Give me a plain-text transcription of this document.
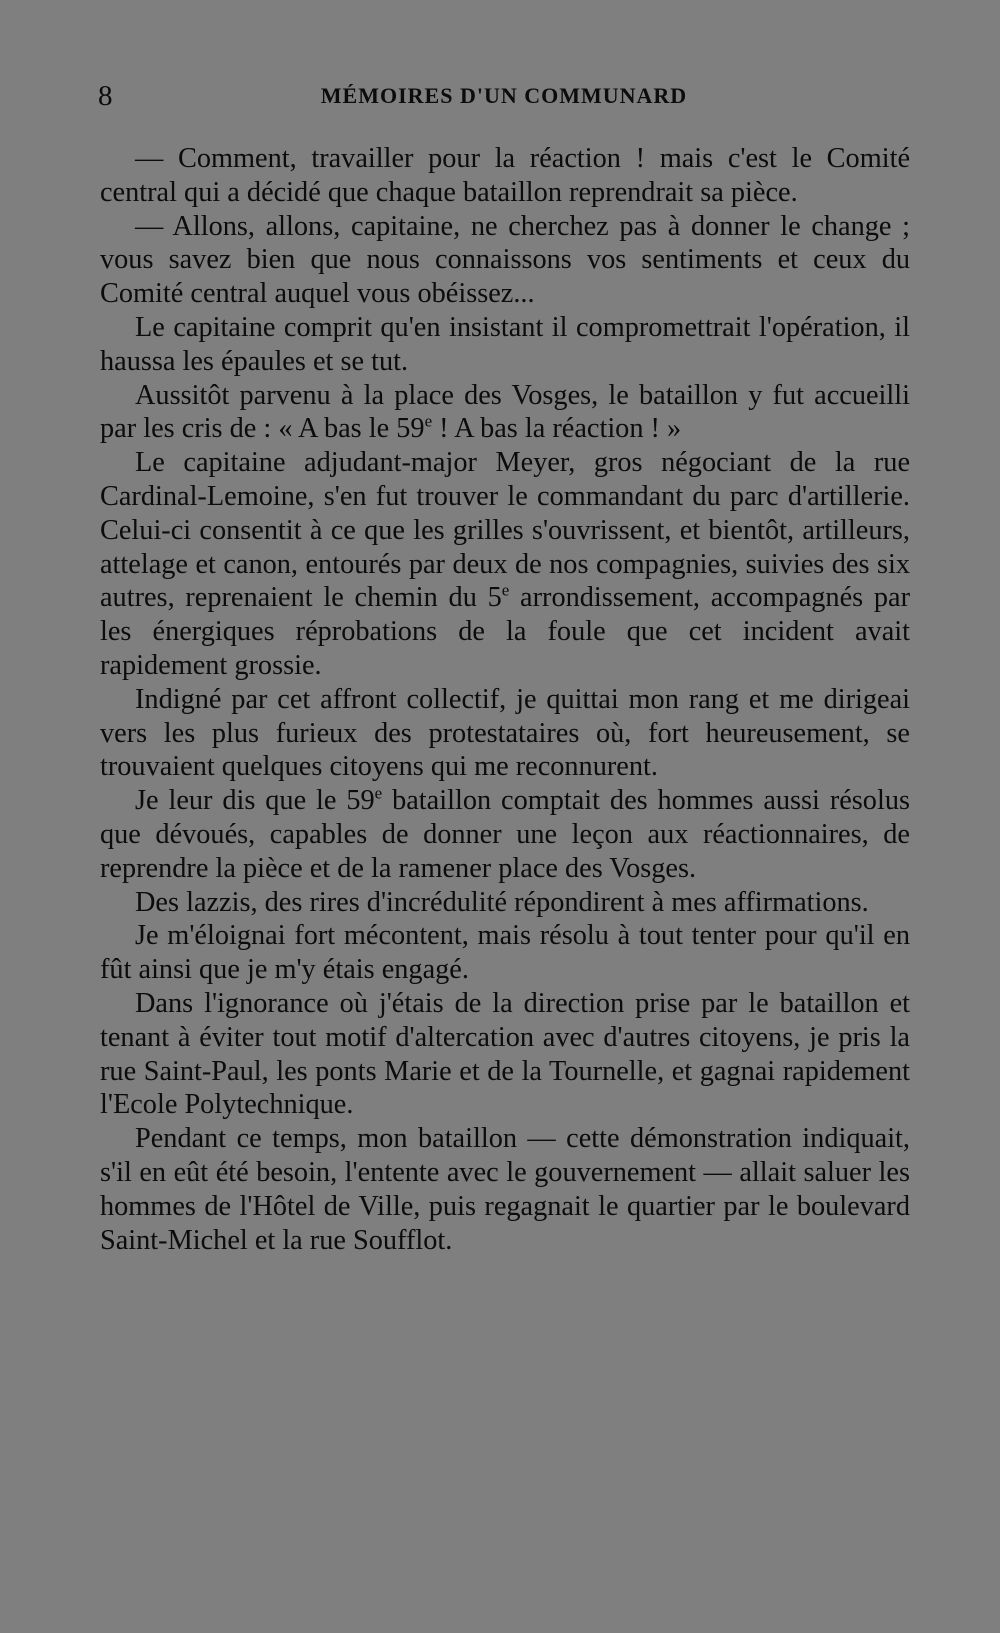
8	MÉMOIRES D'UN COMMUNARD

— Comment, travailler pour la réaction ! mais c'est le Comité central qui a décidé que chaque bataillon reprendrait sa pièce.

— Allons, allons, capitaine, ne cherchez pas à donner le change ; vous savez bien que nous connaissons vos sentiments et ceux du Comité central auquel vous obéissez...

Le capitaine comprit qu'en insistant il compromettrait l'opération, il haussa les épaules et se tut.

Aussitôt parvenu à la place des Vosges, le bataillon y fut accueilli par les cris de : « A bas le 59e ! A bas la réaction ! »

Le capitaine adjudant-major Meyer, gros négociant de la rue Cardinal-Lemoine, s'en fut trouver le commandant du parc d'artillerie. Celui-ci consentit à ce que les grilles s'ouvrissent, et bientôt, artilleurs, attelage et canon, entourés par deux de nos compagnies, suivies des six autres, reprenaient le chemin du 5e arrondissement, accompagnés par les énergiques réprobations de la foule que cet incident avait rapidement grossie.

Indigné par cet affront collectif, je quittai mon rang et me dirigeai vers les plus furieux des protestataires où, fort heureusement, se trouvaient quelques citoyens qui me reconnurent.

Je leur dis que le 59e bataillon comptait des hommes aussi résolus que dévoués, capables de donner une leçon aux réactionnaires, de reprendre la pièce et de la ramener place des Vosges.

Des lazzis, des rires d'incrédulité répondirent à mes affirmations.

Je m'éloignai fort mécontent, mais résolu à tout tenter pour qu'il en fût ainsi que je m'y étais engagé.

Dans l'ignorance où j'étais de la direction prise par le bataillon et tenant à éviter tout motif d'altercation avec d'autres citoyens, je pris la rue Saint-Paul, les ponts Marie et de la Tournelle, et gagnai rapidement l'Ecole Polytechnique.

Pendant ce temps, mon bataillon — cette démonstration indiquait, s'il en eût été besoin, l'entente avec le gouvernement — allait saluer les hommes de l'Hôtel de Ville, puis regagnait le quartier par le boulevard Saint-Michel et la rue Soufflot.
